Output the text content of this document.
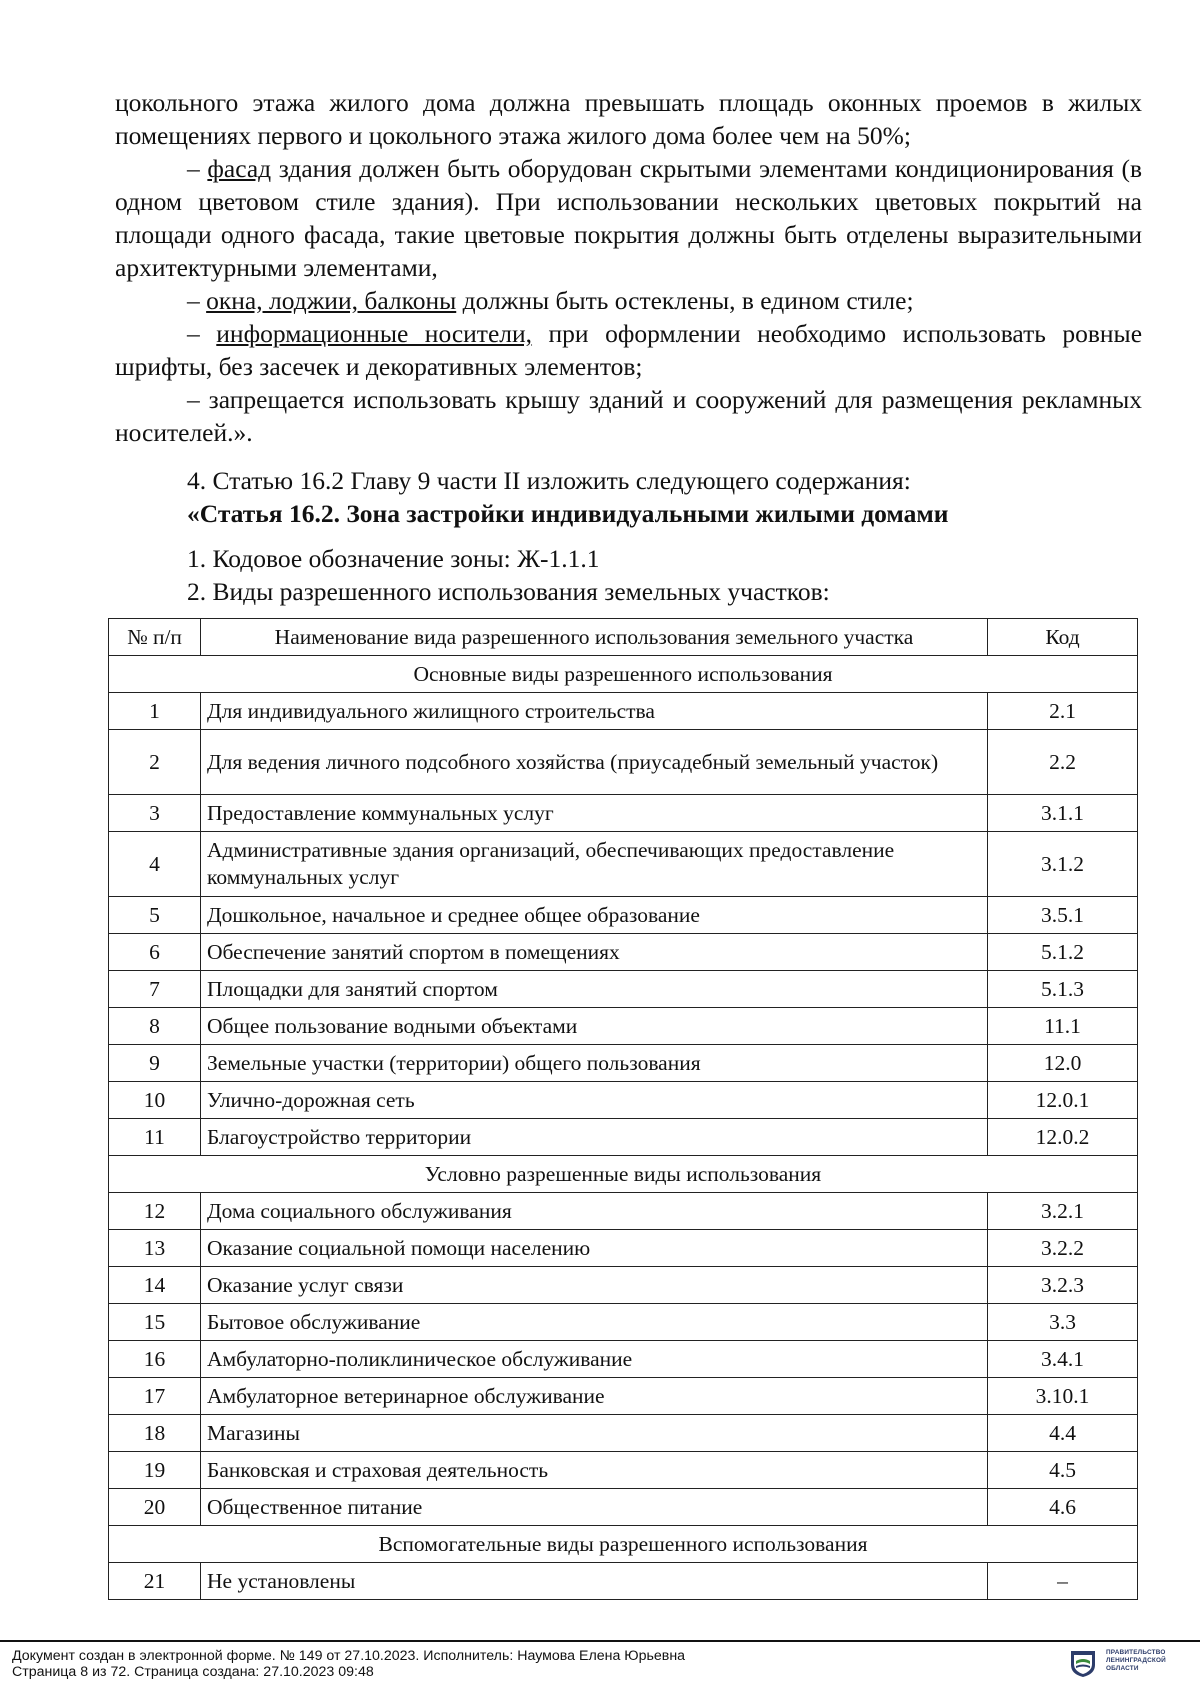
цокольного этажа жилого дома должна превышать площадь оконных проемов в жилых помещениях первого и цокольного этажа жилого дома более чем на 50%;
– фасад здания должен быть оборудован скрытыми элементами кондиционирования (в одном цветовом стиле здания). При использовании нескольких цветовых покрытий на площади одного фасада, такие цветовые покрытия должны быть отделены выразительными архитектурными элементами,
– окна, лоджии, балконы должны быть остеклены, в едином стиле;
– информационные носители, при оформлении необходимо использовать ровные шрифты, без засечек и декоративных элементов;
– запрещается использовать крышу зданий и сооружений для размещения рекламных носителей.».
4. Статью 16.2 Главу 9 части II изложить следующего содержания:
«Статья 16.2. Зона застройки индивидуальными жилыми домами
1. Кодовое обозначение зоны: Ж-1.1.1
2. Виды разрешенного использования земельных участков:
№ п/п	Наименование вида разрешенного использования земельного участка	Код
Основные виды разрешенного использования		
1	Для индивидуального жилищного строительства	2.1
2	Для ведения личного подсобного хозяйства (приусадебный земельный участок)	2.2
3	Предоставление коммунальных услуг	3.1.1
4	Административные здания организаций, обеспечивающих предоставление коммунальных услуг	3.1.2
5	Дошкольное, начальное и среднее общее образование	3.5.1
6	Обеспечение занятий спортом в помещениях	5.1.2
7	Площадки для занятий спортом	5.1.3
8	Общее пользование водными объектами	11.1
9	Земельные участки (территории) общего пользования	12.0
10	Улично-дорожная сеть	12.0.1
11	Благоустройство территории	12.0.2
Условно разрешенные виды использования		
12	Дома социального обслуживания	3.2.1
13	Оказание социальной помощи населению	3.2.2
14	Оказание услуг связи	3.2.3
15	Бытовое обслуживание	3.3
16	Амбулаторно-поликлиническое обслуживание	3.4.1
17	Амбулаторное ветеринарное обслуживание	3.10.1
18	Магазины	4.4
19	Банковская и страховая деятельность	4.5
20	Общественное питание	4.6
Вспомогательные виды разрешенного использования		
21	Не установлены	–
Документ создан в электронной форме. № 149 от 27.10.2023. Исполнитель: Наумова Елена Юрьевна
Страница 8 из 72. Страница создана: 27.10.2023 09:48
ПРАВИТЕЛЬСТВО
ЛЕНИНГРАДСКОЙ
ОБЛАСТИ
